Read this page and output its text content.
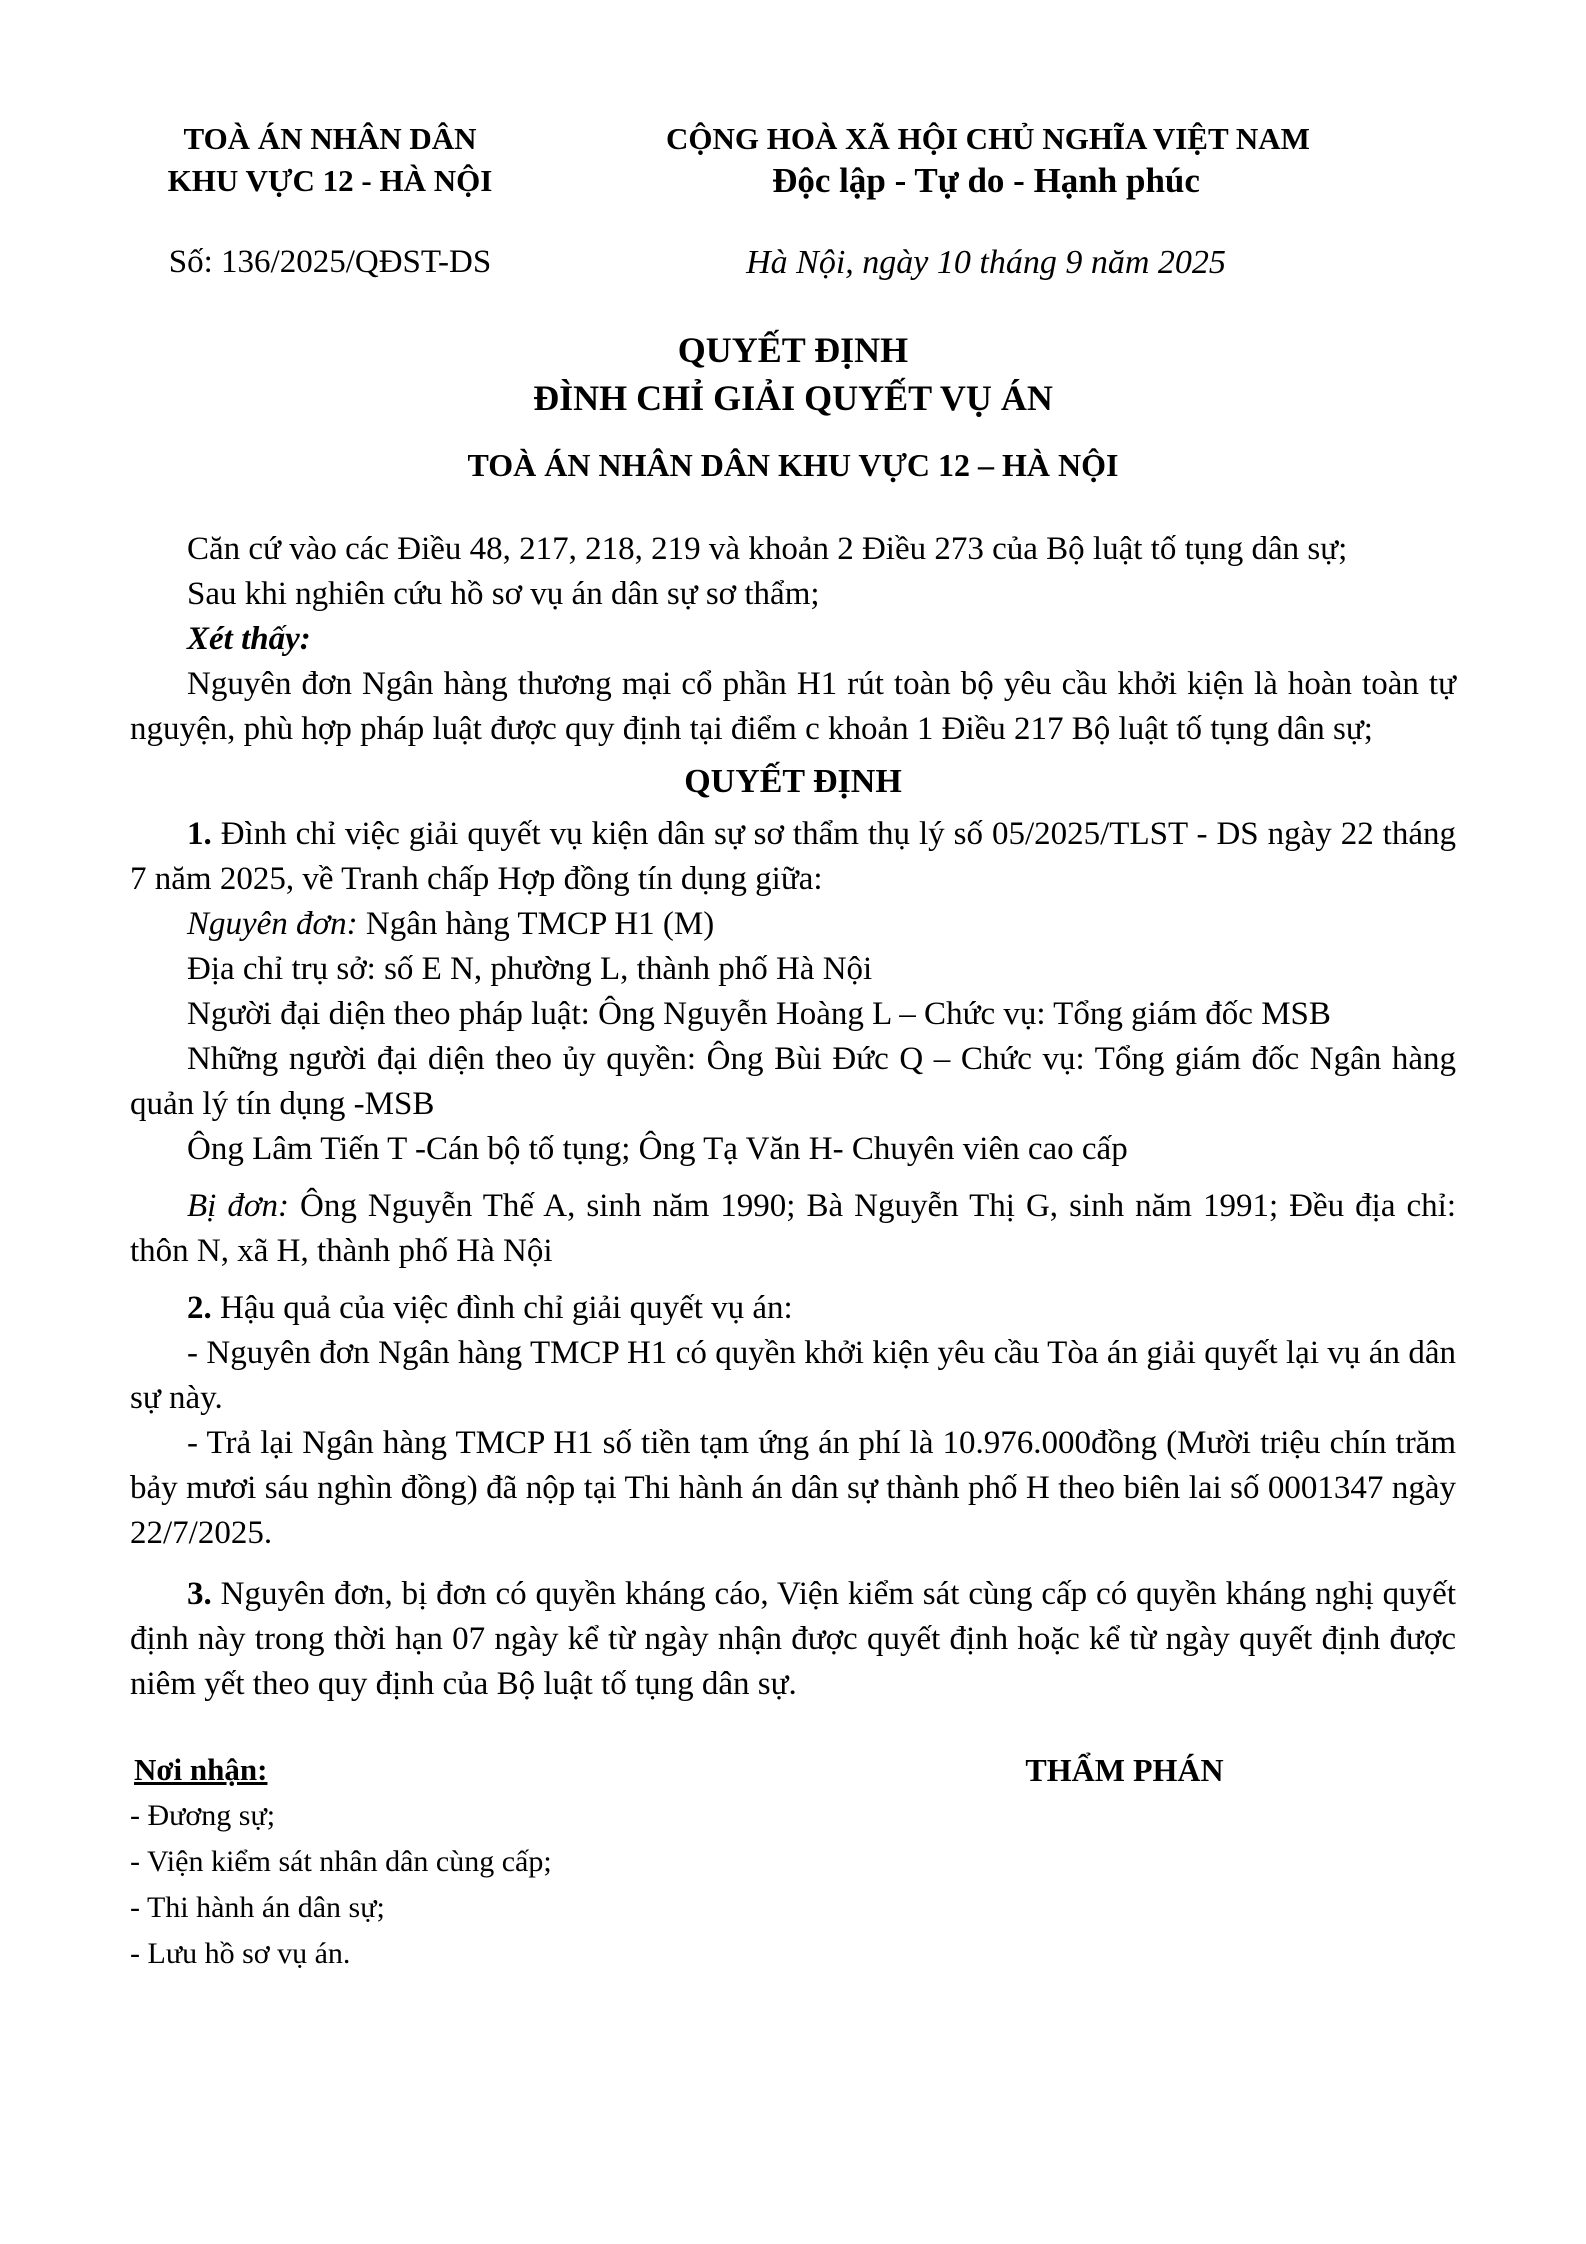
TOÀ ÁN NHÂN DÂN
KHU VỰC 12 - HÀ NỘI
CỘNG HOÀ XÃ HỘI CHỦ NGHĨA VIỆT NAM
Độc lập - Tự do - Hạnh phúc
Số: 136/2025/QĐST-DS	Hà Nội, ngày 10 tháng 9 năm 2025
QUYẾT ĐỊNH
ĐÌNH CHỈ GIẢI QUYẾT VỤ ÁN
TOÀ ÁN NHÂN DÂN KHU VỰC 12 – HÀ NỘI

Căn cứ vào các Điều 48, 217, 218, 219 và khoản 2 Điều 273 của Bộ luật tố tụng dân sự;

Sau khi nghiên cứu hồ sơ vụ án dân sự sơ thẩm;

Xét thấy:

Nguyên đơn Ngân hàng thương mại cổ phần H1 rút toàn bộ yêu cầu khởi kiện là hoàn toàn tự nguyện, phù hợp pháp luật được quy định tại điểm c khoản 1 Điều 217 Bộ luật tố tụng dân sự;

QUYẾT ĐỊNH

1. Đình chỉ việc giải quyết vụ kiện dân sự sơ thẩm thụ lý số 05/2025/TLST - DS ngày 22 tháng 7 năm 2025, về Tranh chấp Hợp đồng tín dụng giữa:

Nguyên đơn: Ngân hàng TMCP H1 (M)

Địa chỉ trụ sở: số E N, phường L, thành phố Hà Nội

Người đại diện theo pháp luật: Ông Nguyễn Hoàng L – Chức vụ: Tổng giám đốc MSB

Những người đại diện theo ủy quyền: Ông Bùi Đức Q – Chức vụ: Tổng giám đốc Ngân hàng quản lý tín dụng -MSB

Ông Lâm Tiến T -Cán bộ tố tụng; Ông Tạ Văn H- Chuyên viên cao cấp

Bị đơn: Ông Nguyễn Thế A, sinh năm 1990; Bà Nguyễn Thị G, sinh năm 1991; Đều địa chỉ: thôn N, xã H, thành phố Hà Nội

2. Hậu quả của việc đình chỉ giải quyết vụ án:

- Nguyên đơn Ngân hàng TMCP H1 có quyền khởi kiện yêu cầu Tòa án giải quyết lại vụ án dân sự này.

- Trả lại Ngân hàng TMCP H1 số tiền tạm ứng án phí là 10.976.000đồng (Mười triệu chín trăm bảy mươi sáu nghìn đồng) đã nộp tại Thi hành án dân sự thành phố H theo biên lai số 0001347 ngày 22/7/2025.

3. Nguyên đơn, bị đơn có quyền kháng cáo, Viện kiểm sát cùng cấp có quyền kháng nghị quyết định này trong thời hạn 07 ngày kể từ ngày nhận được quyết định hoặc kể từ ngày quyết định được niêm yết theo quy định của Bộ luật tố tụng dân sự.

Nơi nhận:
- Đương sự;
- Viện kiểm sát nhân dân cùng cấp;
- Thi hành án dân sự;
- Lưu hồ sơ vụ án.
THẨM PHÁN
